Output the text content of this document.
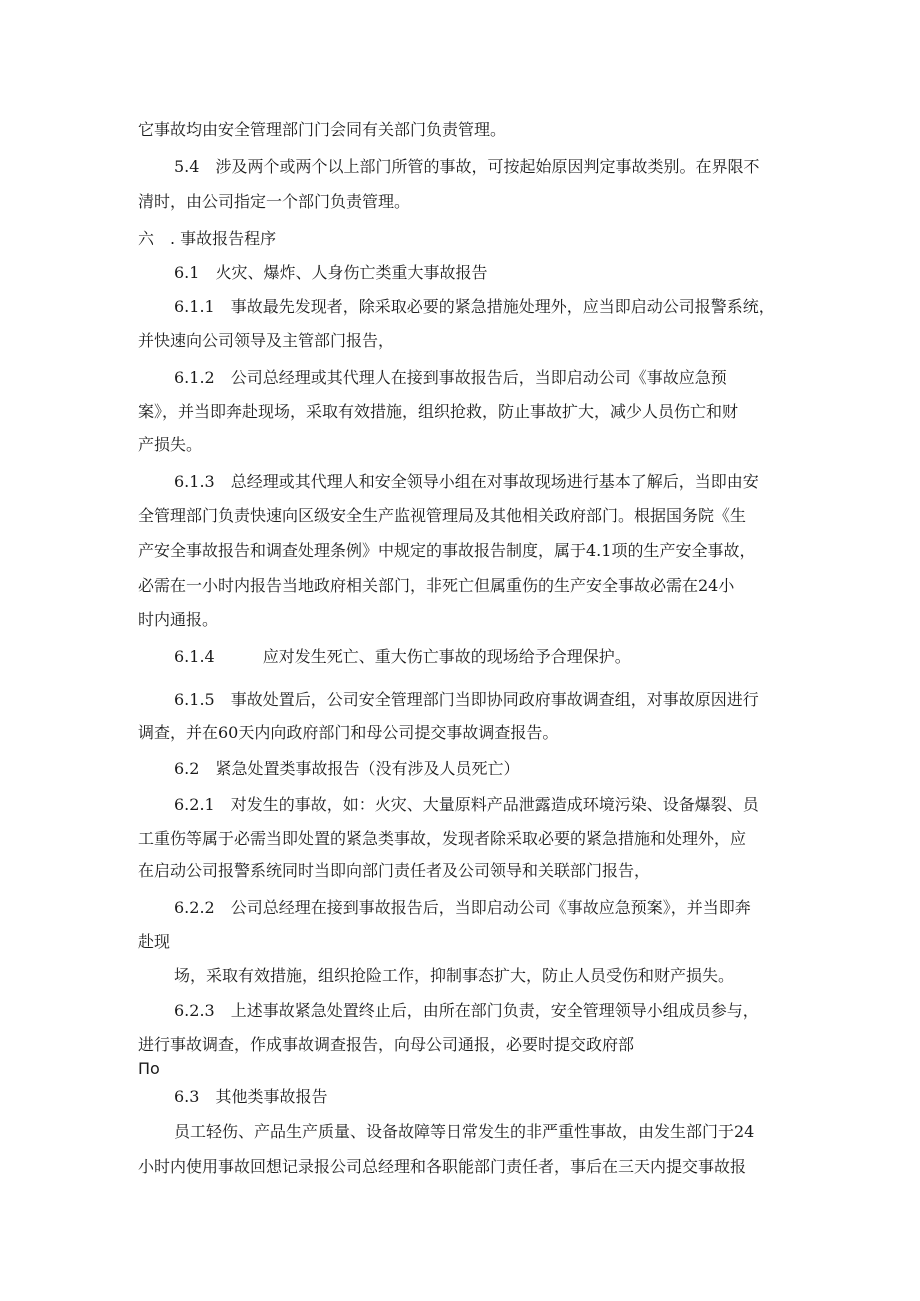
它事故均由安全管理部门门会同有关部门负责管理。
5.4　涉及两个或两个以上部门所管的事故，可按起始原因判定事故类别。在界限不
清时，由公司指定一个部门负责管理。
六　. 事故报告程序
6.1　火灾、爆炸、人身伤亡类重大事故报告
6.1.1　事故最先发现者，除采取必要的紧急措施处理外，应当即启动公司报警系统，
并快速向公司领导及主管部门报告，
6.1.2　公司总经理或其代理人在接到事故报告后，当即启动公司《事故应急预
案》，并当即奔赴现场，采取有效措施，组织抢救，防止事故扩大，减少人员伤亡和财
产损失。
6.1.3　总经理或其代理人和安全领导小组在对事故现场进行基本了解后，当即由安
全管理部门负责快速向区级安全生产监视管理局及其他相关政府部门。根据国务院《生
产安全事故报告和调查处理条例》中规定的事故报告制度，属于4.1项的生产安全事故，
必需在一小时内报告当地政府相关部门，非死亡但属重伤的生产安全事故必需在24小
时内通报。
6.1.4　　　应对发生死亡、重大伤亡事故的现场给予合理保护。
6.1.5　事故处置后，公司安全管理部门当即协同政府事故调查组，对事故原因进行
调查，并在60天内向政府部门和母公司提交事故调查报告。
6.2　紧急处置类事故报告（没有涉及人员死亡）
6.2.1　对发生的事故，如：火灾、大量原料产品泄露造成环境污染、设备爆裂、员
工重伤等属于必需当即处置的紧急类事故，发现者除采取必要的紧急措施和处理外，应
在启动公司报警系统同时当即向部门责任者及公司领导和关联部门报告，
6.2.2　公司总经理在接到事故报告后，当即启动公司《事故应急预案》，并当即奔
赴现
场，采取有效措施，组织抢险工作，抑制事态扩大，防止人员受伤和财产损失。
6.2.3　上述事故紧急处置终止后，由所在部门负责，安全管理领导小组成员参与，
进行事故调查，作成事故调查报告，向母公司通报，必要时提交政府部
Пo
6.3　其他类事故报告
员工轻伤、产品生产质量、设备故障等日常发生的非严重性事故，由发生部门于24
小时内使用事故回想记录报公司总经理和各职能部门责任者，事后在三天内提交事故报
